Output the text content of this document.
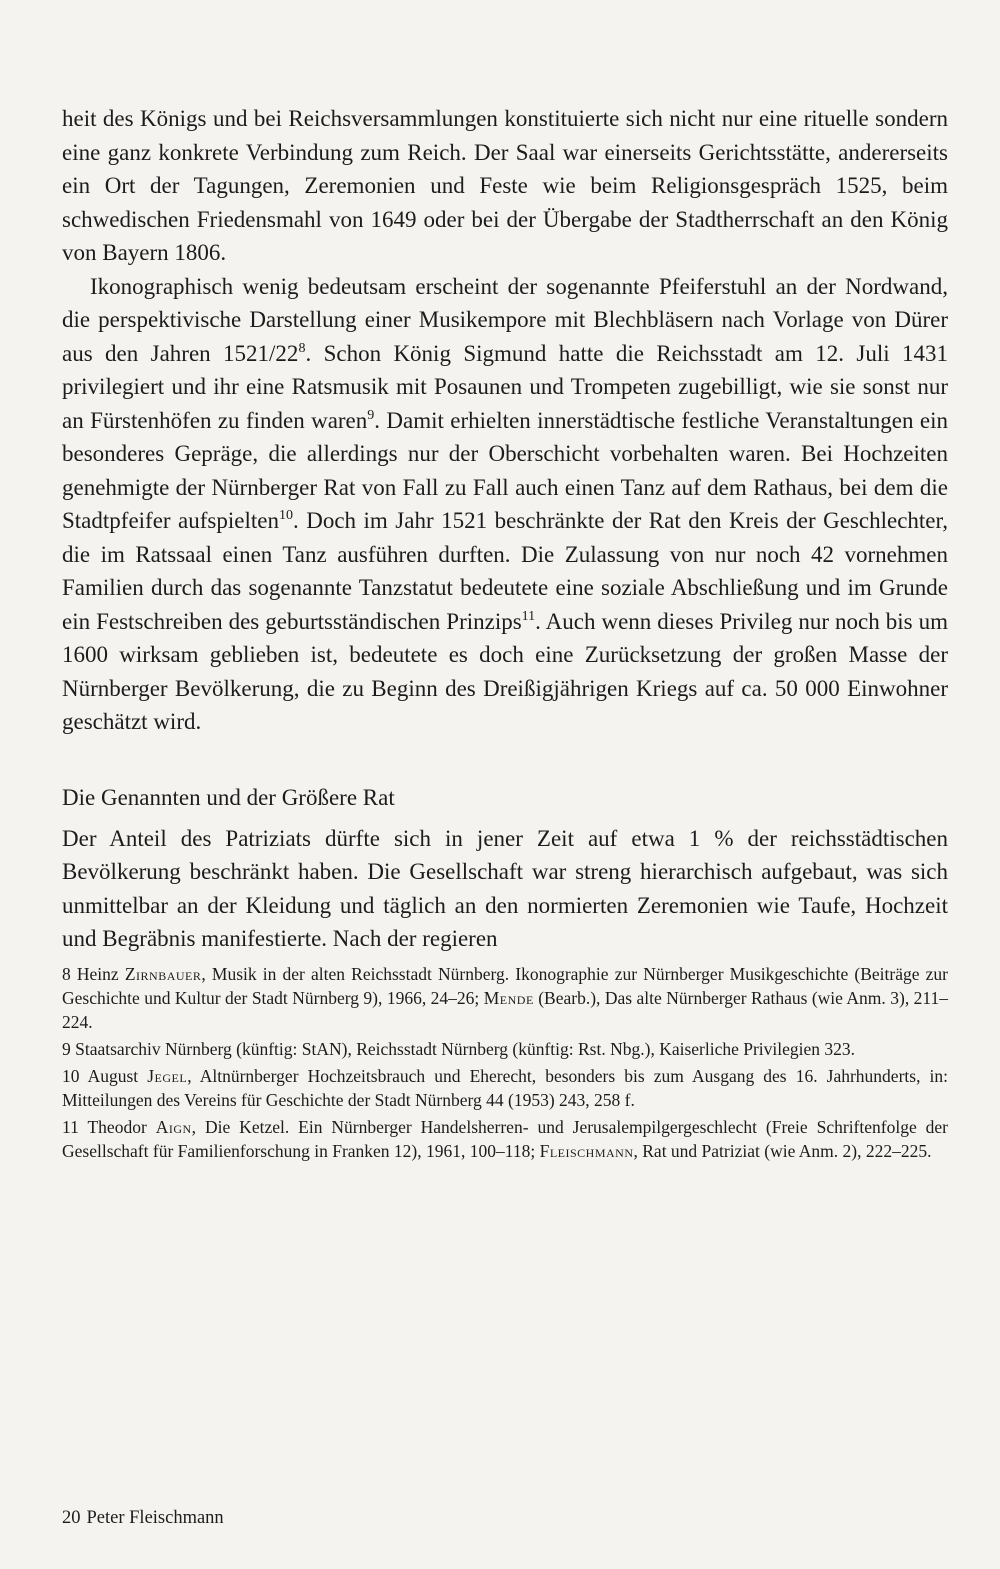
heit des Königs und bei Reichsversammlungen konstituierte sich nicht nur eine rituelle sondern eine ganz konkrete Verbindung zum Reich. Der Saal war einerseits Gerichtsstätte, andererseits ein Ort der Tagungen, Zeremonien und Feste wie beim Religionsgespräch 1525, beim schwedischen Friedensmahl von 1649 oder bei der Übergabe der Stadtherrschaft an den König von Bayern 1806.

Ikonographisch wenig bedeutsam erscheint der sogenannte Pfeiferstuhl an der Nordwand, die perspektivische Darstellung einer Musikempore mit Blechbläsern nach Vorlage von Dürer aus den Jahren $1521/22^8$. Schon König Sigmund hatte die Reichsstadt am 12. Juli 1431 privilegiert und ihr eine Ratsmusik mit Posaunen und Trompeten zugebilligt, wie sie sonst nur an Fürstenhöfen zu finden waren$^9$. Damit erhielten innerstädtische festliche Veranstaltungen ein besonderes Gepräge, die allerdings nur der Oberschicht vorbehalten waren. Bei Hochzeiten genehmigte der Nürnberger Rat von Fall zu Fall auch einen Tanz auf dem Rathaus, bei dem die Stadtpfeifer aufspielten$^{10}$. Doch im Jahr 1521 beschränkte der Rat den Kreis der Geschlechter, die im Ratssaal einen Tanz ausführen durften. Die Zulassung von nur noch 42 vornehmen Familien durch das sogenannte Tanzstatut bedeutete eine soziale Abschließung und im Grunde ein Festschreiben des geburtsständischen Prinzips$^{11}$. Auch wenn dieses Privileg nur noch bis um 1600 wirksam geblieben ist, bedeutete es doch eine Zurücksetzung der großen Masse der Nürnberger Bevölkerung, die zu Beginn des Dreißigjährigen Kriegs auf ca. 50 000 Einwohner geschätzt wird.

Die Genannten und der Größere Rat

Der Anteil des Patriziats dürfte sich in jener Zeit auf etwa 1 % der reichsstädtischen Bevölkerung beschränkt haben. Die Gesellschaft war streng hierarchisch aufgebaut, was sich unmittelbar an der Kleidung und täglich an den normierten Zeremonien wie Taufe, Hochzeit und Begräbnis manifestierte. Nach der regieren

8 Heinz Zirnbauer, Musik in der alten Reichsstadt Nürnberg. Ikonographie zur Nürnberger Musikgeschichte (Beiträge zur Geschichte und Kultur der Stadt Nürnberg 9), 1966, 24–26; Mende (Bearb.), Das alte Nürnberger Rathaus (wie Anm. 3), 211–224.

9 Staatsarchiv Nürnberg (künftig: StAN), Reichsstadt Nürnberg (künftig: Rst. Nbg.), Kaiserliche Privilegien 323.

10 August Jegel, Altnürnberger Hochzeitsbrauch und Eherecht, besonders bis zum Ausgang des 16. Jahrhunderts, in: Mitteilungen des Vereins für Geschichte der Stadt Nürnberg 44 (1953) 243, 258 f.

11 Theodor Aign, Die Ketzel. Ein Nürnberger Handelsherren- und Jerusalempilgergeschlecht (Freie Schriftenfolge der Gesellschaft für Familienforschung in Franken 12), 1961, 100–118; Fleischmann, Rat und Patriziat (wie Anm. 2), 222–225.

20 Peter Fleischmann
